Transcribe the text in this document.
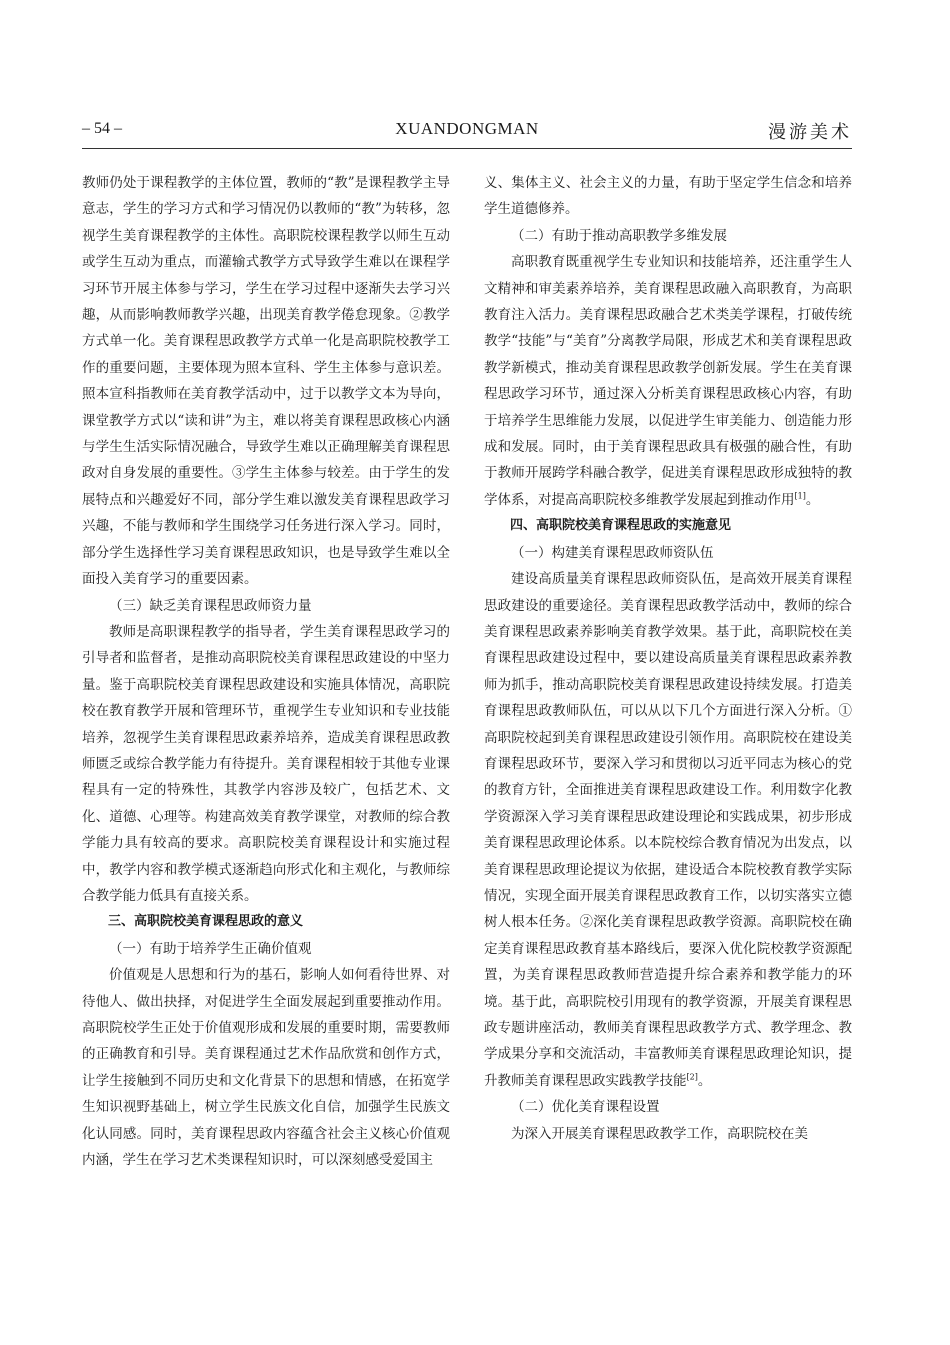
– 54 –	XUANDONGMAN	漫游美术

教师仍处于课程教学的主体位置，教师的“教”是课程教学主导意志，学生的学习方式和学习情况仍以教师的“教”为转移，忽视学生美育课程教学的主体性。高职院校课程教学以师生互动或学生互动为重点，而灌输式教学方式导致学生难以在课程学习环节开展主体参与学习，学生在学习过程中逐渐失去学习兴趣，从而影响教师教学兴趣，出现美育教学倦怠现象。②教学方式单一化。美育课程思政教学方式单一化是高职院校教学工作的重要问题，主要体现为照本宣科、学生主体参与意识差。照本宣科指教师在美育教学活动中，过于以教学文本为导向，课堂教学方式以“读和讲”为主，难以将美育课程思政核心内涵与学生生活实际情况融合，导致学生难以正确理解美育课程思政对自身发展的重要性。③学生主体参与较差。由于学生的发展特点和兴趣爱好不同，部分学生难以激发美育课程思政学习兴趣，不能与教师和学生围绕学习任务进行深入学习。同时，部分学生选择性学习美育课程思政知识，也是导致学生难以全面投入美育学习的重要因素。

（三）缺乏美育课程思政师资力量

教师是高职课程教学的指导者，学生美育课程思政学习的引导者和监督者，是推动高职院校美育课程思政建设的中坚力量。鉴于高职院校美育课程思政建设和实施具体情况，高职院校在教育教学开展和管理环节，重视学生专业知识和专业技能培养，忽视学生美育课程思政素养培养，造成美育课程思政教师匮乏或综合教学能力有待提升。美育课程相较于其他专业课程具有一定的特殊性，其教学内容涉及较广，包括艺术、文化、道德、心理等。构建高效美育教学课堂，对教师的综合教学能力具有较高的要求。高职院校美育课程设计和实施过程中，教学内容和教学模式逐渐趋向形式化和主观化，与教师综合教学能力低具有直接关系。

三、高职院校美育课程思政的意义

（一）有助于培养学生正确价值观

价值观是人思想和行为的基石，影响人如何看待世界、对待他人、做出抉择，对促进学生全面发展起到重要推动作用。高职院校学生正处于价值观形成和发展的重要时期，需要教师的正确教育和引导。美育课程通过艺术作品欣赏和创作方式，让学生接触到不同历史和文化背景下的思想和情感，在拓宽学生知识视野基础上，树立学生民族文化自信，加强学生民族文化认同感。同时，美育课程思政内容蕴含社会主义核心价值观内涵，学生在学习艺术类课程知识时，可以深刻感受爱国主

义、集体主义、社会主义的力量，有助于坚定学生信念和培养学生道德修养。

（二）有助于推动高职教学多维发展

高职教育既重视学生专业知识和技能培养，还注重学生人文精神和审美素养培养，美育课程思政融入高职教育，为高职教育注入活力。美育课程思政融合艺术类美学课程，打破传统教学“技能”与“美育”分离教学局限，形成艺术和美育课程思政教学新模式，推动美育课程思政教学创新发展。学生在美育课程思政学习环节，通过深入分析美育课程思政核心内容，有助于培养学生思维能力发展，以促进学生审美能力、创造能力形成和发展。同时，由于美育课程思政具有极强的融合性，有助于教师开展跨学科融合教学，促进美育课程思政形成独特的教学体系，对提高高职院校多维教学发展起到推动作用[1]。

四、高职院校美育课程思政的实施意见

（一）构建美育课程思政师资队伍

建设高质量美育课程思政师资队伍，是高效开展美育课程思政建设的重要途径。美育课程思政教学活动中，教师的综合美育课程思政素养影响美育教学效果。基于此，高职院校在美育课程思政建设过程中，要以建设高质量美育课程思政素养教师为抓手，推动高职院校美育课程思政建设持续发展。打造美育课程思政教师队伍，可以从以下几个方面进行深入分析。①高职院校起到美育课程思政建设引领作用。高职院校在建设美育课程思政环节，要深入学习和贯彻以习近平同志为核心的党的教育方针，全面推进美育课程思政建设工作。利用数字化教学资源深入学习美育课程思政建设理论和实践成果，初步形成美育课程思政理论体系。以本院校综合教育情况为出发点，以美育课程思政理论提议为依据，建设适合本院校教育教学实际情况，实现全面开展美育课程思政教育工作，以切实落实立德树人根本任务。②深化美育课程思政教学资源。高职院校在确定美育课程思政教育基本路线后，要深入优化院校教学资源配置，为美育课程思政教师营造提升综合素养和教学能力的环境。基于此，高职院校引用现有的教学资源，开展美育课程思政专题讲座活动，教师美育课程思政教学方式、教学理念、教学成果分享和交流活动，丰富教师美育课程思政理论知识，提升教师美育课程思政实践教学技能[2]。

（二）优化美育课程设置

为深入开展美育课程思政教学工作，高职院校在美
